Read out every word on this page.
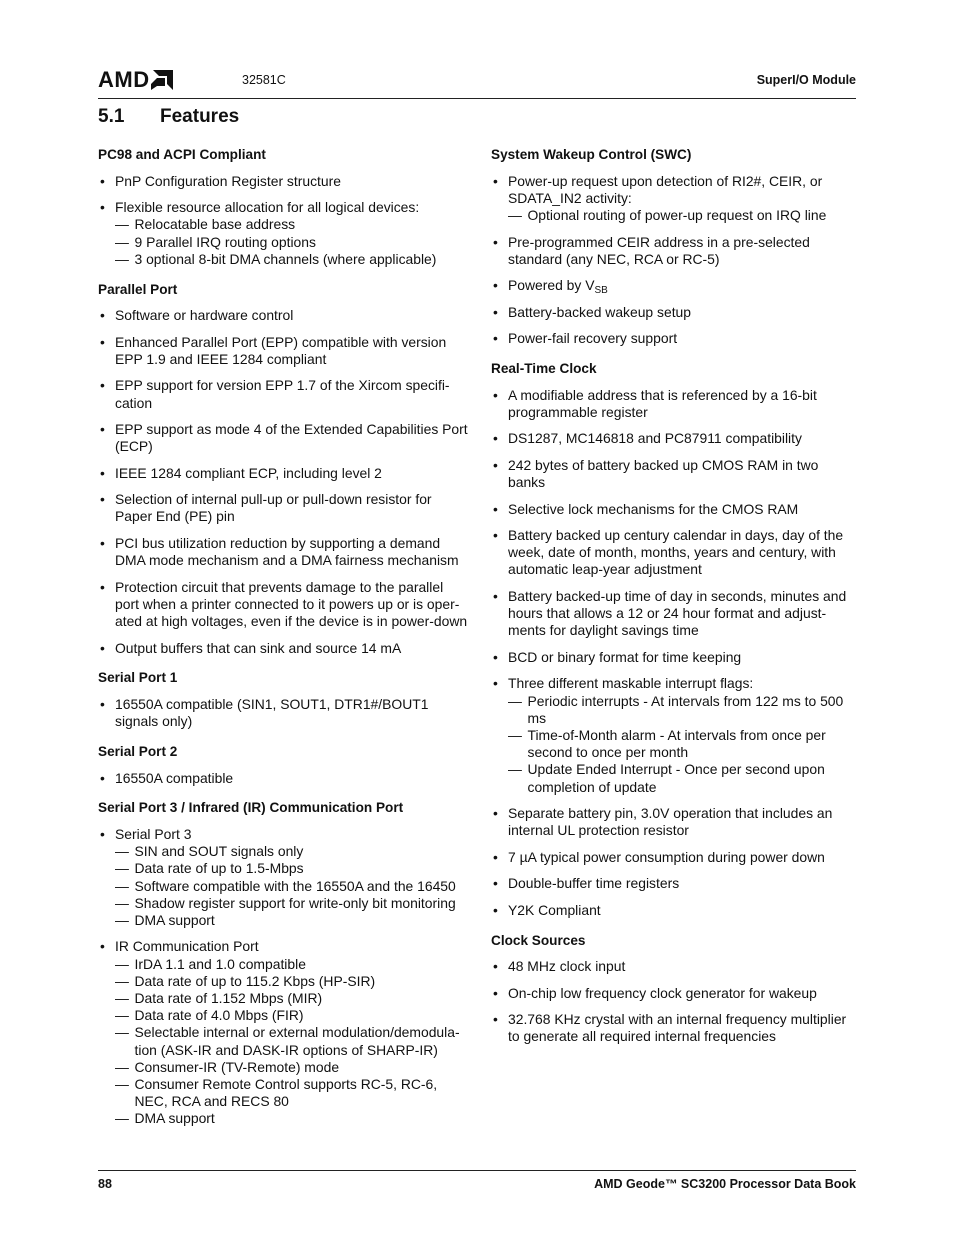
AMD	32581C	SuperI/O Module
5.1 Features
PC98 and ACPI Compliant
• PnP Configuration Register structure
• Flexible resource allocation for all logical devices:
— Relocatable base address
— 9 Parallel IRQ routing options
— 3 optional 8-bit DMA channels (where applicable)
Parallel Port
• Software or hardware control
• Enhanced Parallel Port (EPP) compatible with version EPP 1.9 and IEEE 1284 compliant
• EPP support for version EPP 1.7 of the Xircom specifi-cation
• EPP support as mode 4 of the Extended Capabilities Port (ECP)
• IEEE 1284 compliant ECP, including level 2
• Selection of internal pull-up or pull-down resistor for Paper End (PE) pin
• PCI bus utilization reduction by supporting a demand DMA mode mechanism and a DMA fairness mechanism
• Protection circuit that prevents damage to the parallel port when a printer connected to it powers up or is oper-ated at high voltages, even if the device is in power-down
• Output buffers that can sink and source 14 mA
Serial Port 1
• 16550A compatible (SIN1, SOUT1, DTR1#/BOUT1 signals only)
Serial Port 2
• 16550A compatible
Serial Port 3 / Infrared (IR) Communication Port
• Serial Port 3
— SIN and SOUT signals only
— Data rate of up to 1.5-Mbps
— Software compatible with the 16550A and the 16450
— Shadow register support for write-only bit monitoring
— DMA support
• IR Communication Port
— IrDA 1.1 and 1.0 compatible
— Data rate of up to 115.2 Kbps (HP-SIR)
— Data rate of 1.152 Mbps (MIR)
— Data rate of 4.0 Mbps (FIR)
— Selectable internal or external modulation/demodula-tion (ASK-IR and DASK-IR options of SHARP-IR)
— Consumer-IR (TV-Remote) mode
— Consumer Remote Control supports RC-5, RC-6, NEC, RCA and RECS 80
— DMA support
System Wakeup Control (SWC)
• Power-up request upon detection of RI2#, CEIR, or SDATA_IN2 activity:
— Optional routing of power-up request on IRQ line
• Pre-programmed CEIR address in a pre-selected standard (any NEC, RCA or RC-5)
• Powered by $V_{SB}$
• Battery-backed wakeup setup
• Power-fail recovery support
Real-Time Clock
• A modifiable address that is referenced by a 16-bit programmable register
• DS1287, MC146818 and PC87911 compatibility
• 242 bytes of battery backed up CMOS RAM in two banks
• Selective lock mechanisms for the CMOS RAM
• Battery backed up century calendar in days, day of the week, date of month, months, years and century, with automatic leap-year adjustment
• Battery backed-up time of day in seconds, minutes and hours that allows a 12 or 24 hour format and adjust-ments for daylight savings time
• BCD or binary format for time keeping
• Three different maskable interrupt flags:
— Periodic interrupts - At intervals from 122 ms to 500 ms
— Time-of-Month alarm - At intervals from once per second to once per month
— Update Ended Interrupt - Once per second upon completion of update
• Separate battery pin, 3.0V operation that includes an internal UL protection resistor
• 7 µA typical power consumption during power down
• Double-buffer time registers
• Y2K Compliant
Clock Sources
• 48 MHz clock input
• On-chip low frequency clock generator for wakeup
• 32.768 KHz crystal with an internal frequency multiplier to generate all required internal frequencies
88	AMD Geode™ SC3200 Processor Data Book
